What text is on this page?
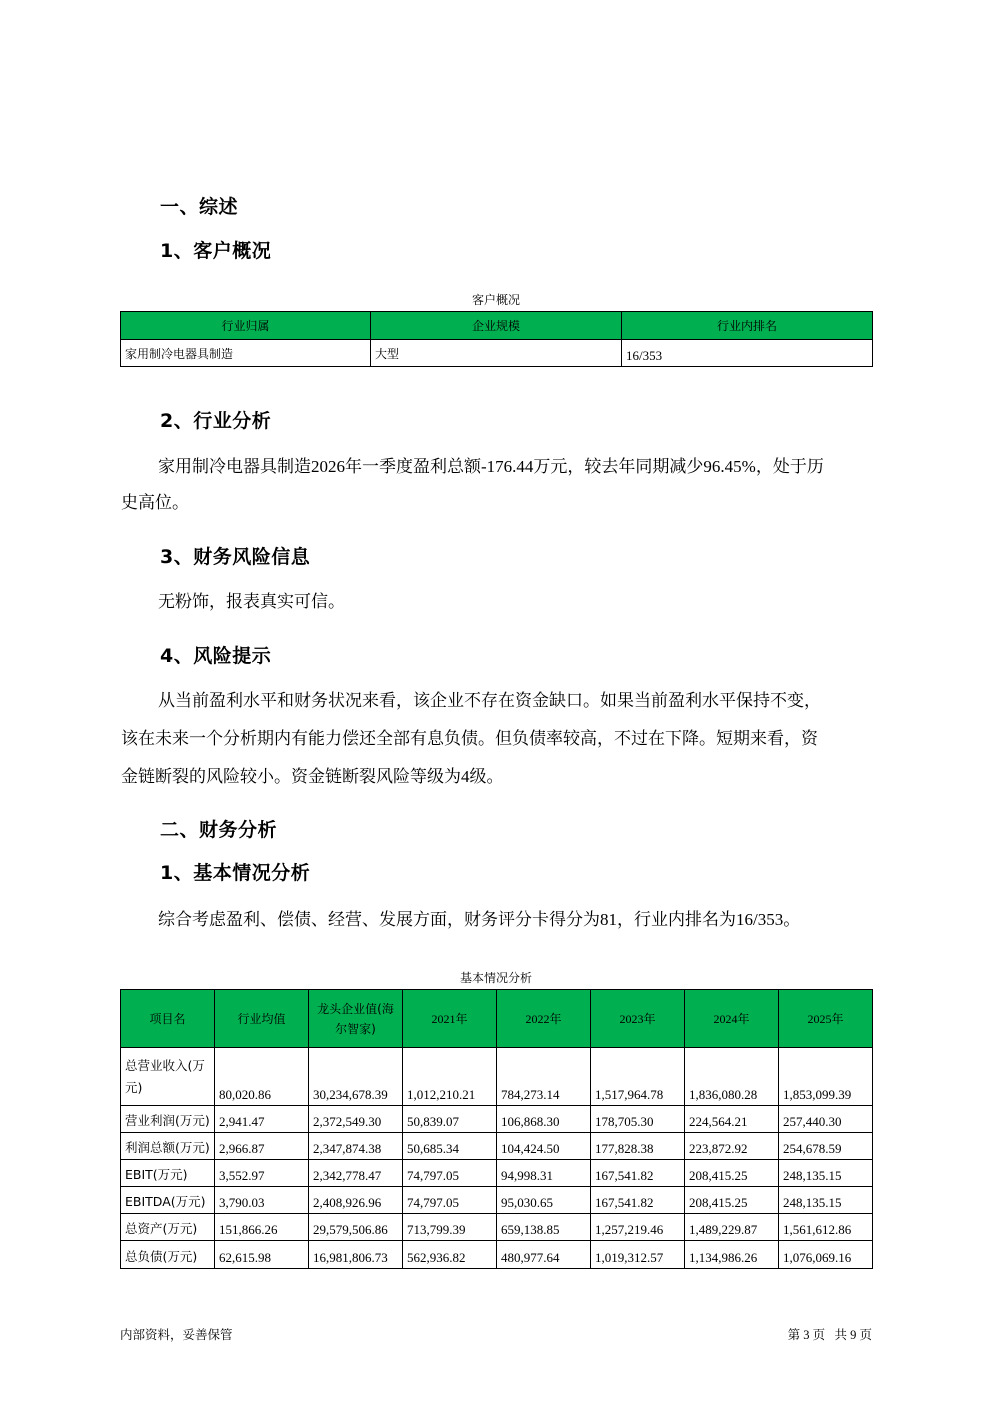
一、综述
1、客户概况
客户概况
行业归属	企业规模	行业内排名
家用制冷电器具制造	大型	16/353
2、行业分析
家用制冷电器具制造2026年一季度盈利总额-176.44万元，较去年同期减少96.45%，处于历
史高位。
3、财务风险信息
无粉饰，报表真实可信。
4、风险提示
从当前盈利水平和财务状况来看，该企业不存在资金缺口。如果当前盈利水平保持不变，
该在未来一个分析期内有能力偿还全部有息负债。但负债率较高，不过在下降。短期来看，资
金链断裂的风险较小。资金链断裂风险等级为4级。
二、财务分析
1、基本情况分析
综合考虑盈利、偿债、经营、发展方面，财务评分卡得分为81，行业内排名为16/353。
基本情况分析
项目名	行业均值	龙头企业值(海尔智家)	2021年	2022年	2023年	2024年	2025年
总营业收入(万元)	80,020.86	30,234,678.39	1,012,210.21	784,273.14	1,517,964.78	1,836,080.28	1,853,099.39
营业利润(万元)	2,941.47	2,372,549.30	50,839.07	106,868.30	178,705.30	224,564.21	257,440.30
利润总额(万元)	2,966.87	2,347,874.38	50,685.34	104,424.50	177,828.38	223,872.92	254,678.59
EBIT(万元)	3,552.97	2,342,778.47	74,797.05	94,998.31	167,541.82	208,415.25	248,135.15
EBITDA(万元)	3,790.03	2,408,926.96	74,797.05	95,030.65	167,541.82	208,415.25	248,135.15
总资产(万元)	151,866.26	29,579,506.86	713,799.39	659,138.85	1,257,219.46	1,489,229.87	1,561,612.86
总负债(万元)	62,615.98	16,981,806.73	562,936.82	480,977.64	1,019,312.57	1,134,986.26	1,076,069.16
内部资料，妥善保管	第 3 页   共 9 页
